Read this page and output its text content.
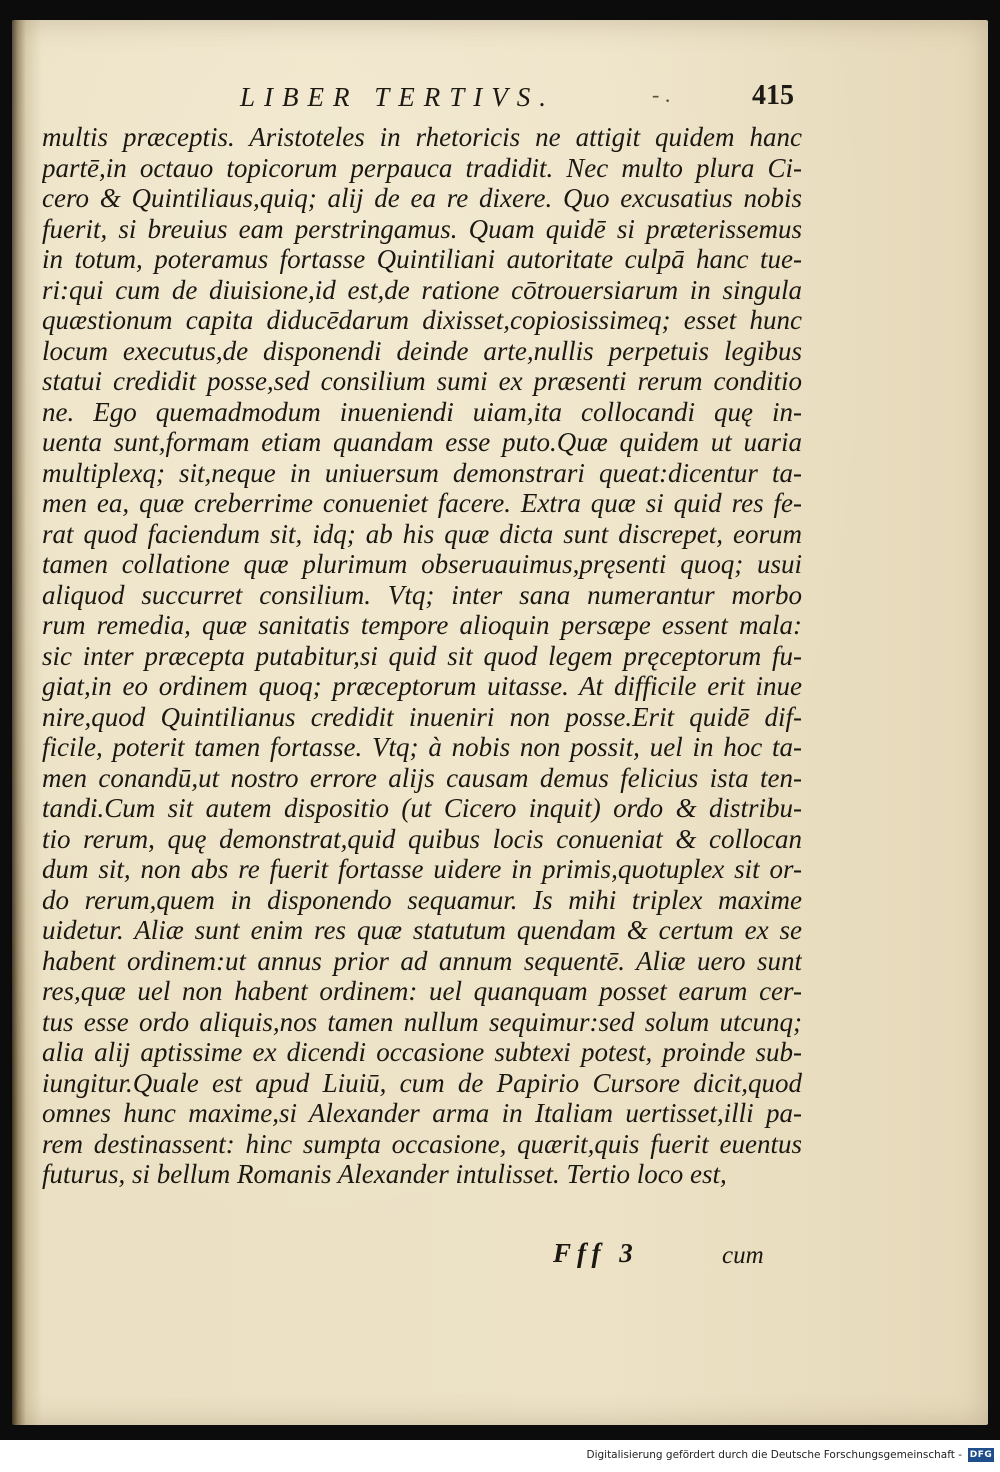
LIBER TERTIVS.	- .	415
multis præceptis. Aristoteles in rhetoricis ne attigit quidem hanc
partē,in octauo topicorum perpauca tradidit. Nec multo plura Ci-
cero & Quintiliaus,quiq; alij de ea re dixere. Quo excusatius nobis
fuerit, si breuius eam perstringamus. Quam quidē si præterissemus
in totum, poteramus fortasse Quintiliani autoritate culpā hanc tue-
ri:qui cum de diuisione,id est,de ratione cōtrouersiarum in singula
quæstionum capita diducēdarum dixisset,copiosissimeq; esset hunc
locum executus,de disponendi deinde arte,nullis perpetuis legibus
statui credidit posse,sed consilium sumi ex præsenti rerum conditio
ne. Ego quemadmodum inueniendi uiam,ita collocandi quę in-
uenta sunt,formam etiam quandam esse puto.Quæ quidem ut uaria
multiplexq; sit,neque in uniuersum demonstrari queat:dicentur ta-
men ea, quæ creberrime conueniet facere. Extra quæ si quid res fe-
rat quod faciendum sit, idq; ab his quæ dicta sunt discrepet, eorum
tamen collatione quæ plurimum obseruauimus,pręsenti quoq; usui
aliquod succurret consilium. Vtq; inter sana numerantur morbo
rum remedia, quæ sanitatis tempore alioquin persæpe essent mala:
sic inter præcepta putabitur,si quid sit quod legem pręceptorum fu-
giat,in eo ordinem quoq; præceptorum uitasse. At difficile erit inue
nire,quod Quintilianus credidit inueniri non posse.Erit quidē dif-
ficile, poterit tamen fortasse. Vtq; à nobis non possit, uel in hoc ta-
men conandū,ut nostro errore alijs causam demus felicius ista ten-
tandi.Cum sit autem dispositio (ut Cicero inquit) ordo & distribu-
tio rerum, quę demonstrat,quid quibus locis conueniat & collocan
dum sit, non abs re fuerit fortasse uidere in primis,quotuplex sit or-
do rerum,quem in disponendo sequamur. Is mihi triplex maxime
uidetur. Aliæ sunt enim res quæ statutum quendam & certum ex se
habent ordinem:ut annus prior ad annum sequentē. Aliæ uero sunt
res,quæ uel non habent ordinem: uel quanquam posset earum cer-
tus esse ordo aliquis,nos tamen nullum sequimur:sed solum utcunq;
alia alij aptissime ex dicendi occasione subtexi potest, proinde sub-
iungitur.Quale est apud Liuiū, cum de Papirio Cursore dicit,quod
omnes hunc maxime,si Alexander arma in Italiam uertisset,illi pa-
rem destinassent: hinc sumpta occasione, quærit,quis fuerit euentus
futurus, si bellum Romanis Alexander intulisset. Tertio loco est,
Fff 3	cum
Digitalisierung gefördert durch die Deutsche Forschungsgemeinschaft - DFG
